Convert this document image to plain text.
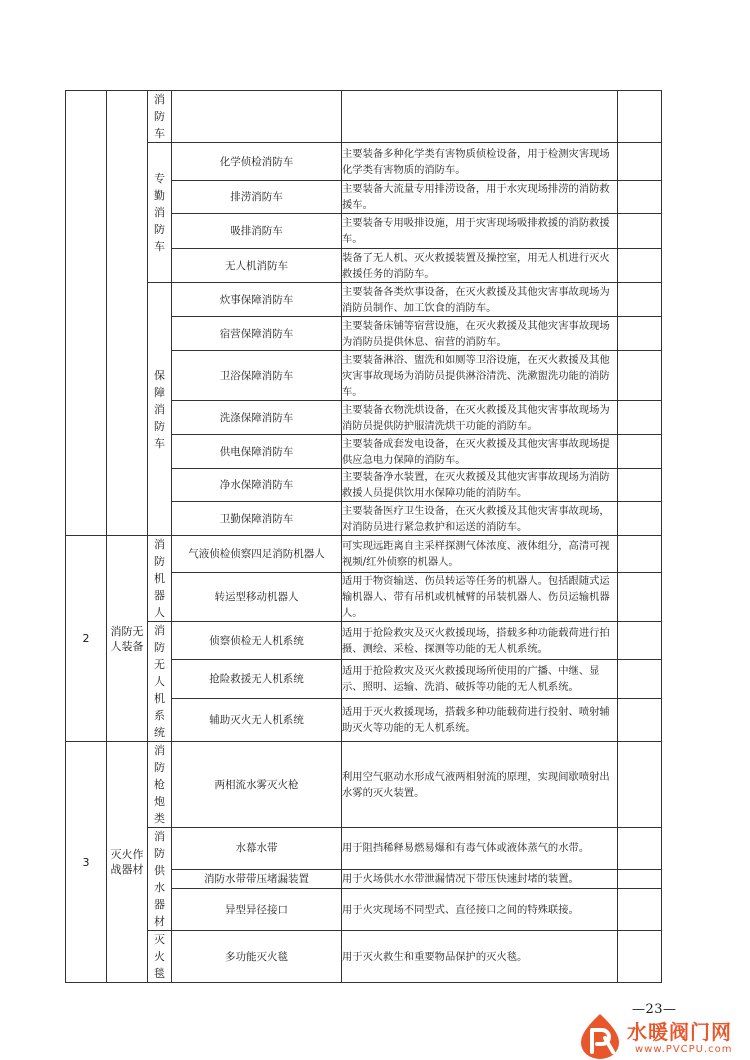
		消防车			
		专勤消防车	化学侦检消防车	主要装备多种化学类有害物质侦检设备，用于检测灾害现场化学类有害物质的消防车。	
			排涝消防车	主要装备大流量专用排涝设备，用于水灾现场排涝的消防救援车。	
			吸排消防车	主要装备专用吸排设施，用于灾害现场吸排救援的消防救援车。	
			无人机消防车	装备了无人机、灭火救援装置及操控室，用无人机进行灭火救援任务的消防车。	
		保障消防车	炊事保障消防车	主要装备各类炊事设备，在灭火救援及其他灾害事故现场为消防员制作、加工饮食的消防车。	
			宿营保障消防车	主要装备床铺等宿营设施，在灭火救援及其他灾害事故现场为消防员提供休息、宿营的消防车。	
			卫浴保障消防车	主要装备淋浴、盥洗和如厕等卫浴设施，在灭火救援及其他灾害事故现场为消防员提供淋浴清洗、洗漱盥洗功能的消防车。	
			洗涤保障消防车	主要装备衣物洗烘设备，在灭火救援及其他灾害事故现场为消防员提供防护服清洗烘干功能的消防车。	
			供电保障消防车	主要装备成套发电设备，在灭火救援及其他灾害事故现场提供应急电力保障的消防车。	
			净水保障消防车	主要装备净水装置，在灭火救援及其他灾害事故现场为消防救援人员提供饮用水保障功能的消防车。	
			卫勤保障消防车	主要装备医疗卫生设备，在灭火救援及其他灾害事故现场，对消防员进行紧急救护和运送的消防车。	
2	消防无人装备	消防机器人	气液侦检侦察四足消防机器人	可实现远距离自主采样探测气体浓度、液体组分，高清可视视频/红外侦察的机器人。	
			转运型移动机器人	适用于物资输送、伤员转运等任务的机器人。包括跟随式运输机器人、带有吊机或机械臂的吊装机器人、伤员运输机器人。	
		消防无人机系统	侦察侦检无人机系统	适用于抢险救灾及灭火救援现场，搭载多种功能载荷进行拍摄、测绘、采检、探测等功能的无人机系统。	
			抢险救援无人机系统	适用于抢险救灾及灭火救援现场所使用的广播、中继、显示、照明、运输、洗消、破拆等功能的无人机系统。	
			辅助灭火无人机系统	适用于灭火救援现场，搭载多种功能载荷进行投射、喷射辅助灭火等功能的无人机系统。	
3	灭火作战器材	消防枪炮类	两相流水雾灭火枪	利用空气驱动水形成气液两相射流的原理，实现间歇喷射出水雾的灭火装置。	
		消防供水器材	水幕水带	用于阻挡稀释易燃易爆和有毒气体或液体蒸气的水带。	
			消防水带带压堵漏装置	用于火场供水水带泄漏情况下带压快速封堵的装置。	
			异型异径接口	用于火灾现场不同型式、直径接口之间的特殊联接。	
		灭火毯	多功能灭火毯	用于灭火救生和重要物品保护的灭火毯。	
—23—
水暖阀门网
www.PVCPU.com
